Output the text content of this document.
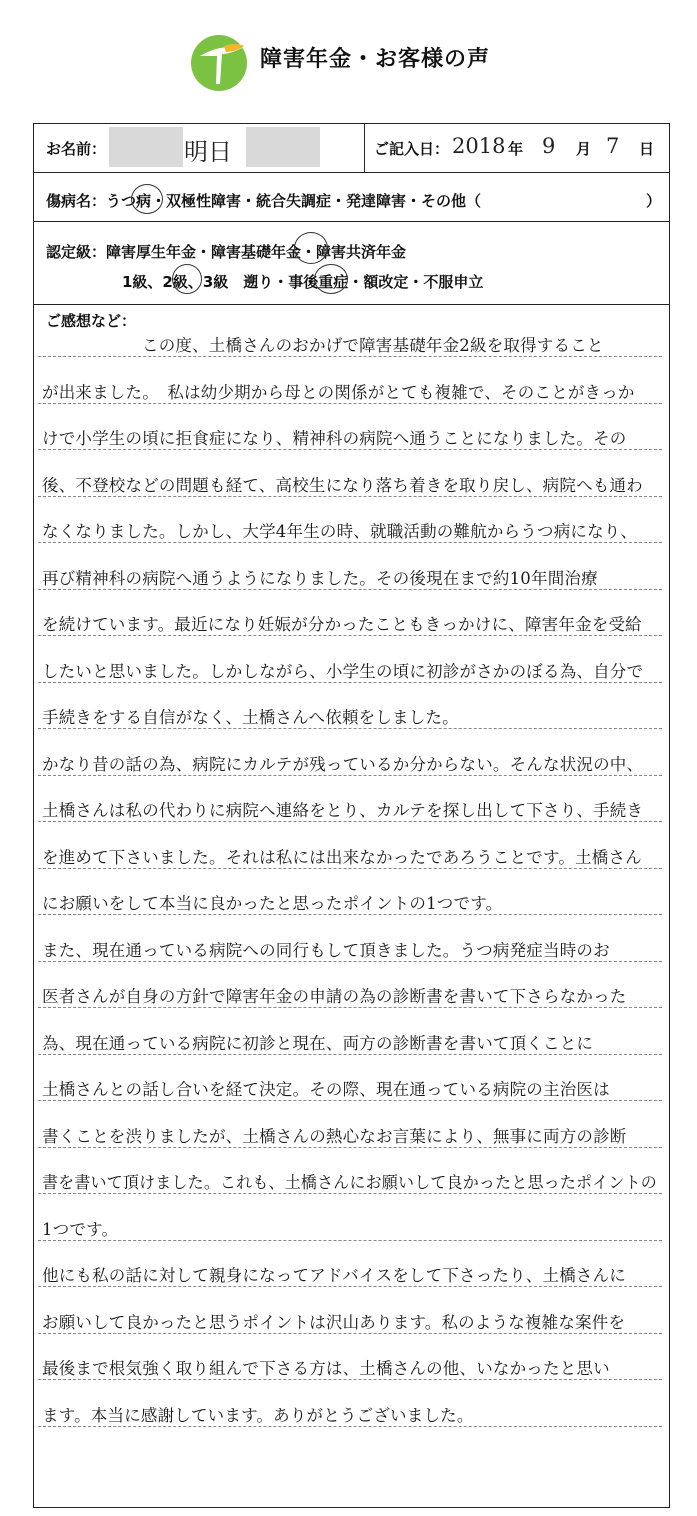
障害年金・お客様の声
お名前：	明日	ご記入日： 2018 年 9 月 7 日
傷病名：うつ病・双極性障害・統合失調症・発達障害・その他（　　　　　　　　　　　）
認定級：障害厚生年金・障害基礎年金・障害共済年金
1級、2級、3級　遡り・事後重症・額改定・不服申立
ご感想など：
この度、土橋さんのおかげで障害基礎年金2級を取得すること
が出来ました。　私は幼少期から母との関係がとても複雑で、そのことがきっか
けで小学生の頃に拒食症になり、精神科の病院へ通うことになりました。その
後、不登校などの問題も経て、高校生になり落ち着きを取り戻し、病院へも通わ
なくなりました。しかし、大学4年生の時、就職活動の難航からうつ病になり、
再び精神科の病院へ通うようになりました。その後現在まで約10年間治療
を続けています。最近になり妊娠が分かったこともきっかけに、障害年金を受給
したいと思いました。しかしながら、小学生の頃に初診がさかのぼる為、自分で
手続きをする自信がなく、土橋さんへ依頼をしました。
かなり昔の話の為、病院にカルテが残っているか分からない。そんな状況の中、
土橋さんは私の代わりに病院へ連絡をとり、カルテを探し出して下さり、手続き
を進めて下さいました。それは私には出来なかったであろうことです。土橋さん
にお願いをして本当に良かったと思ったポイントの1つです。
また、現在通っている病院への同行もして頂きました。うつ病発症当時のお
医者さんが自身の方針で障害年金の申請の為の診断書を書いて下さらなかった
為、現在通っている病院に初診と現在、両方の診断書を書いて頂くことに
土橋さんとの話し合いを経て決定。その際、現在通っている病院の主治医は
書くことを渋りましたが、土橋さんの熱心なお言葉により、無事に両方の診断
書を書いて頂けました。これも、土橋さんにお願いして良かったと思ったポイントの
1つです。
他にも私の話に対して親身になってアドバイスをして下さったり、土橋さんに
お願いして良かったと思うポイントは沢山あります。私のような複雑な案件を
最後まで根気強く取り組んで下さる方は、土橋さんの他、いなかったと思い
ます。本当に感謝しています。ありがとうございました。
